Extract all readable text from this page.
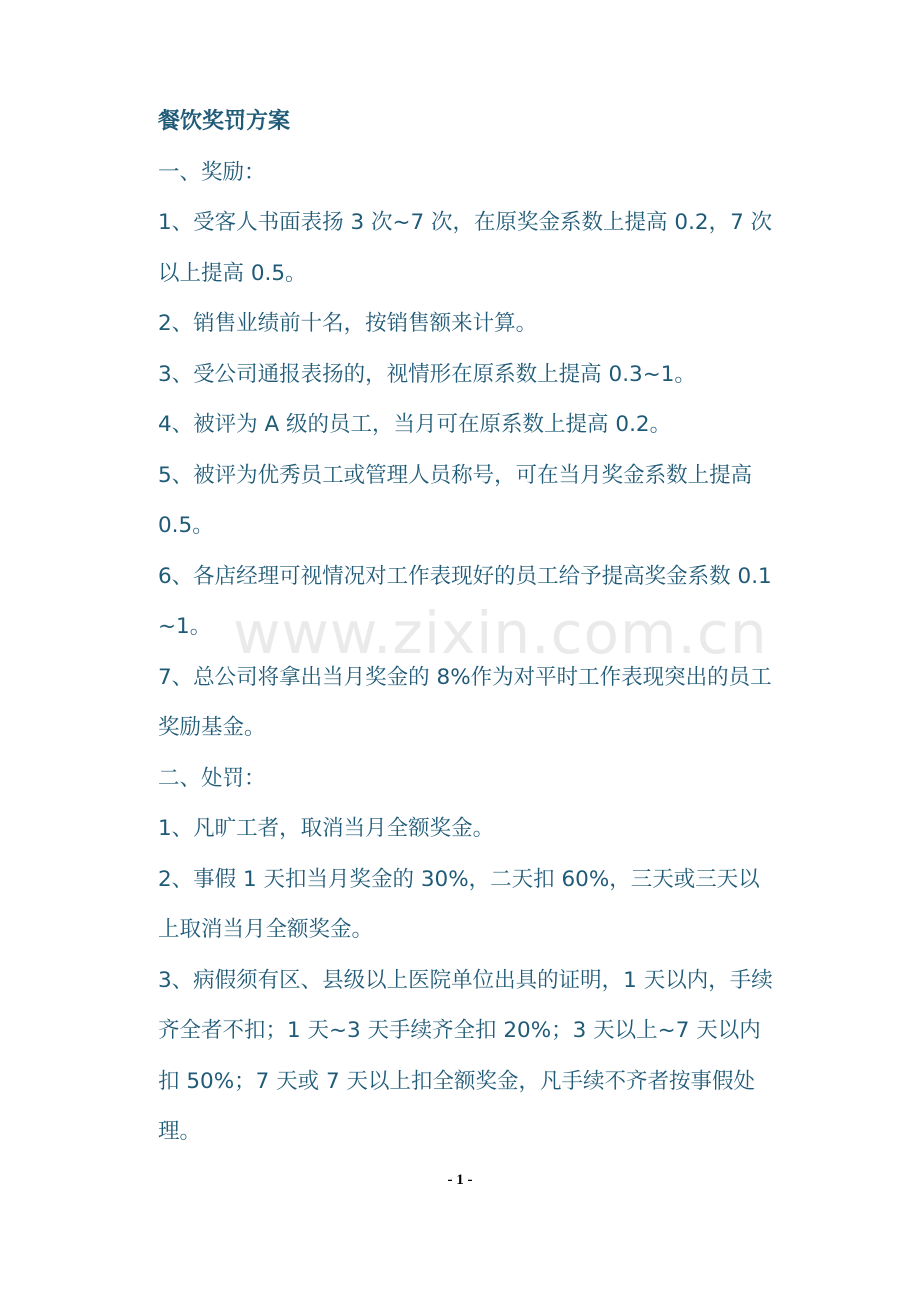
餐饮奖罚方案

一、奖励：

1、受客人书面表扬 3 次~7 次，在原奖金系数上提高 0.2，7 次以上提高 0.5。

2、销售业绩前十名，按销售额来计算。

3、受公司通报表扬的，视情形在原系数上提高 0.3~1。

4、被评为 A 级的员工，当月可在原系数上提高 0.2。

5、被评为优秀员工或管理人员称号，可在当月奖金系数上提高 0.5。

6、各店经理可视情况对工作表现好的员工给予提高奖金系数 0.1~1。

7、总公司将拿出当月奖金的 8%作为对平时工作表现突出的员工奖励基金。

二、处罚：

1、凡旷工者，取消当月全额奖金。

2、事假 1 天扣当月奖金的 30%，二天扣 60%，三天或三天以上取消当月全额奖金。

3、病假须有区、县级以上医院单位出具的证明，1 天以内，手续齐全者不扣；1 天~3 天手续齐全扣 20%；3 天以上~7 天以内扣 50%；7 天或 7 天以上扣全额奖金，凡手续不齐者按事假处理。

www.zixin.com.cn
- 1 -
